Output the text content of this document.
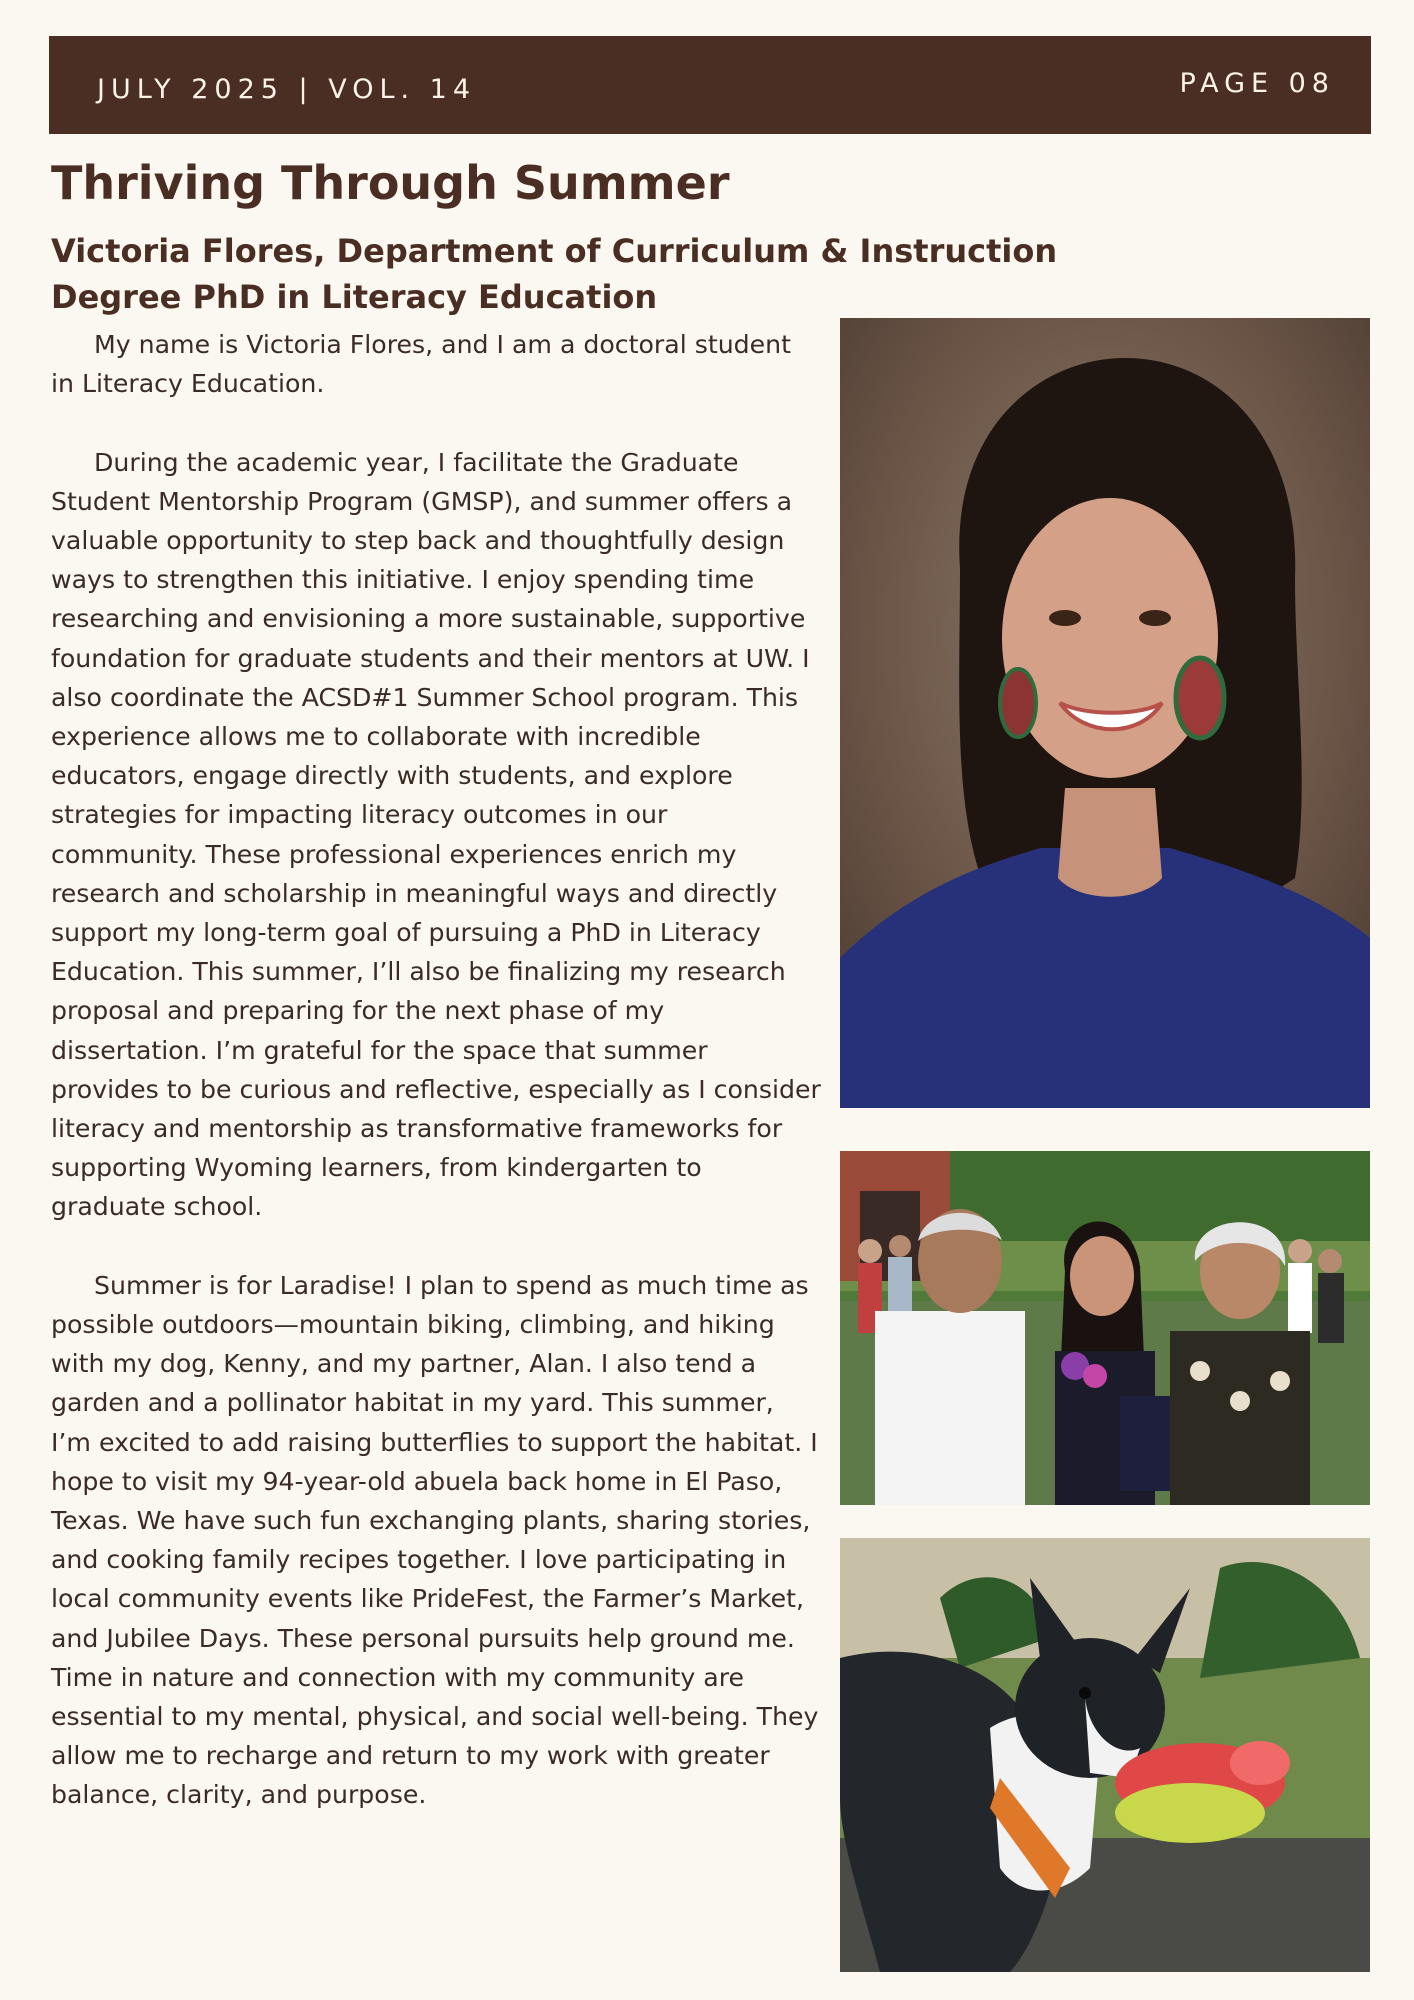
JULY 2025 | VOL. 14	PAGE 08
Thriving Through Summer
Victoria Flores, Department of Curriculum & Instruction
Degree PhD in Literacy Education

My name is Victoria Flores, and I am a doctoral student in Literacy Education.

During the academic year, I facilitate the Graduate Student Mentorship Program (GMSP), and summer offers a valuable opportunity to step back and thoughtfully design ways to strengthen this initiative. I enjoy spending time researching and envisioning a more sustainable, supportive foundation for graduate students and their mentors at UW. I also coordinate the ACSD#1 Summer School program. This experience allows me to collaborate with incredible educators, engage directly with students, and explore strategies for impacting literacy outcomes in our community. These professional experiences enrich my research and scholarship in meaningful ways and directly support my long-term goal of pursuing a PhD in Literacy Education. This summer, I’ll also be finalizing my research proposal and preparing for the next phase of my dissertation. I’m grateful for the space that summer provides to be curious and reflective, especially as I consider literacy and mentorship as transformative frameworks for supporting Wyoming learners, from kindergarten to graduate school.

Summer is for Laradise! I plan to spend as much time as possible outdoors—mountain biking, climbing, and hiking with my dog, Kenny, and my partner, Alan. I also tend a garden and a pollinator habitat in my yard. This summer, I’m excited to add raising butterflies to support the habitat. I hope to visit my 94-year-old abuela back home in El Paso, Texas. We have such fun exchanging plants, sharing stories, and cooking family recipes together. I love participating in local community events like PrideFest, the Farmer’s Market, and Jubilee Days. These personal pursuits help ground me. Time in nature and connection with my community are essential to my mental, physical, and social well-being. They allow me to recharge and return to my work with greater balance, clarity, and purpose.
